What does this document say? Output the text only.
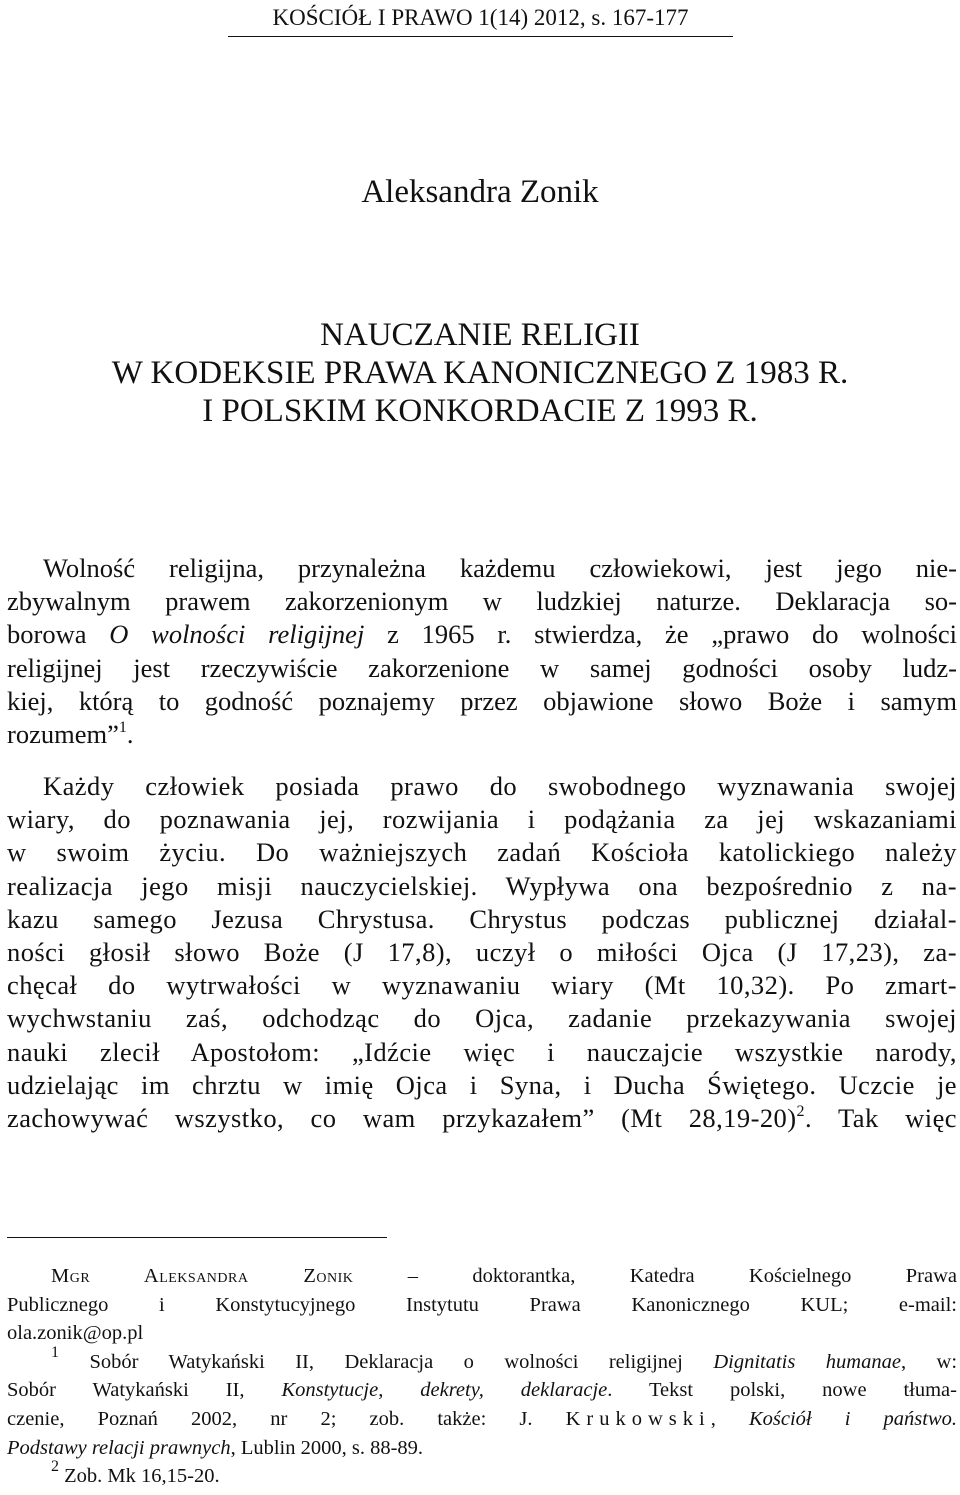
KOŚCIÓŁ I PRAWO 1(14) 2012, s. 167-177
Aleksandra Zonik
NAUCZANIE RELIGII
W KODEKSIE PRAWA KANONICZNEGO Z 1983 R.
I POLSKIM KONKORDACIE Z 1993 R.
Wolność religijna, przynależna każdemu człowiekowi, jest jego nie-
zbywalnym prawem zakorzenionym w ludzkiej naturze. Deklaracja so-
borowa O wolności religijnej z 1965 r. stwierdza, że „prawo do wolności
religijnej jest rzeczywiście zakorzenione w samej godności osoby ludz-
kiej, którą to godność poznajemy przez objawione słowo Boże i samym
rozumem”$^1$.
Każdy człowiek posiada prawo do swobodnego wyznawania swojej
wiary, do poznawania jej, rozwijania i podążania za jej wskazaniami
w swoim życiu. Do ważniejszych zadań Kościoła katolickiego należy
realizacja jego misji nauczycielskiej. Wypływa ona bezpośrednio z na-
kazu samego Jezusa Chrystusa. Chrystus podczas publicznej działal-
ności głosił słowo Boże (J 17,8), uczył o miłości Ojca (J 17,23), za-
chęcał do wytrwałości w wyznawaniu wiary (Mt 10,32). Po zmart-
wychwstaniu zaś, odchodząc do Ojca, zadanie przekazywania swojej
nauki zlecił Apostołom: „Idźcie więc i nauczajcie wszystkie narody,
udzielając im chrztu w imię Ojca i Syna, i Ducha Świętego. Uczcie je
zachowywać wszystko, co wam przykazałem” (Mt 28,19-20)$^2$. Tak więc
Mgr Aleksandra Zonik – doktorantka, Katedra Kościelnego Prawa
Publicznego i Konstytucyjnego Instytutu Prawa Kanonicznego KUL; e-mail:
ola.zonik@op.pl
$^1$ Sobór Watykański II, Deklaracja o wolności religijnej Dignitatis humanae, w:
Sobór Watykański II, Konstytucje, dekrety, deklaracje. Tekst polski, nowe tłuma-
czenie, Poznań 2002, nr 2; zob. także: J. Krukowski, Kościół i państwo.
Podstawy relacji prawnych, Lublin 2000, s. 88-89.
$^2$ Zob. Mk 16,15-20.
